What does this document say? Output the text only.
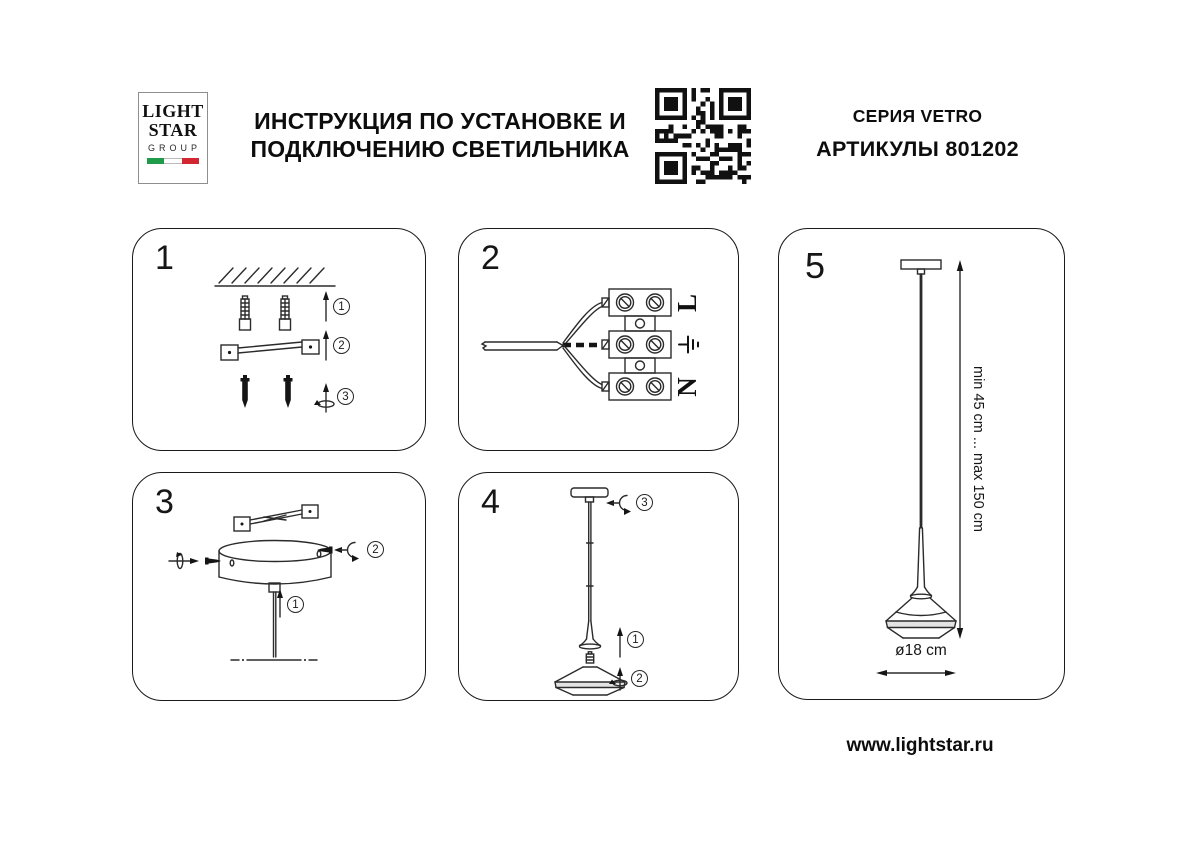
LIGHT
STAR
GROUP
ИНСТРУКЦИЯ ПО УСТАНОВКЕ И
ПОДКЛЮЧЕНИЮ СВЕТИЛЬНИКА
СЕРИЯ VETRO
АРТИКУЛЫ 801202
1
1
2
3
2
L
N
3
2
1
4	3
1
2
5
min 45 cm ... max 150 cm
ø18 cm
www.lightstar.ru
